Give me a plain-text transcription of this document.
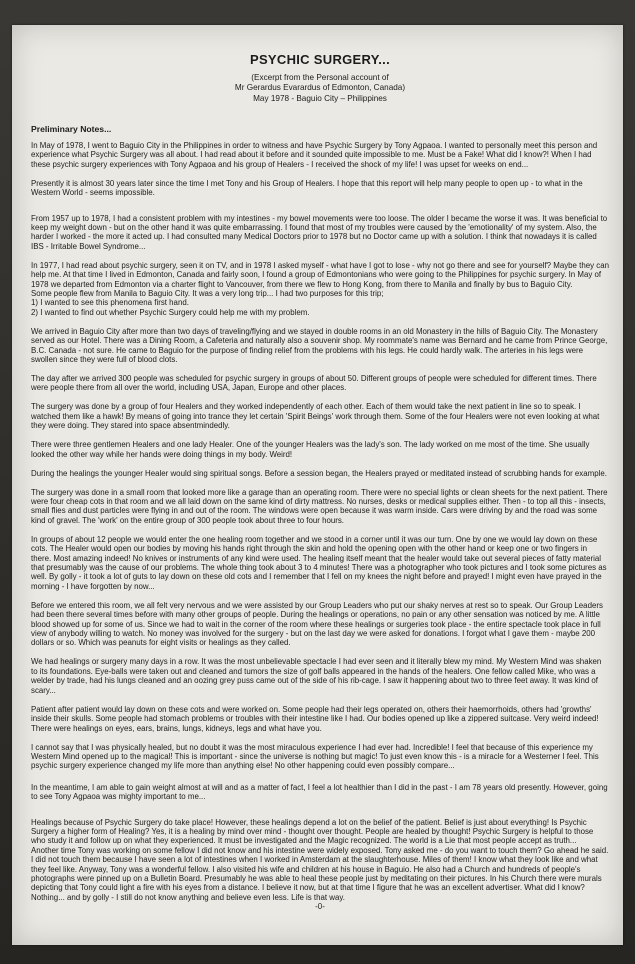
PSYCHIC SURGERY...

(Excerpt from the Personal account of

Mr Gerardus Evarardus of Edmonton, Canada)

May 1978 - Baguio City – Philippines

Preliminary Notes...

In May of 1978, I went to Baguio City in the Philippines in order to witness and have Psychic Surgery by Tony Agpaoa. I wanted to personally meet this person and experience what Psychic Surgery was all about. I had read about it before and it sounded quite impossible to me. Must be a Fake! What did I know?! When I had these psychic surgery experiences with Tony Agpaoa and his group of Healers - I received the shock of my life! I was upset for weeks on end...

Presently it is almost 30 years later since the time I met Tony and his Group of Healers. I hope that this report will help many people to open up - to what in the Western World - seems impossible.

From 1957 up to 1978, I had a consistent problem with my intestines - my bowel movements were too loose. The older I became the worse it was. It was beneficial to keep my weight down - but on the other hand it was quite embarrassing. I found that most of my troubles were caused by the 'emotionality' of my system. Also, the harder I worked - the more it acted up. I had consulted many Medical Doctors prior to 1978 but no Doctor came up with a solution. I think that nowadays it is called IBS - Irritable Bowel Syndrome...

In 1977, I had read about psychic surgery, seen it on TV, and in 1978 I asked myself - what have I got to lose - why not go there and see for yourself? Maybe they can help me. At that time I lived in Edmonton, Canada and fairly soon, I found a group of Edmontonians who were going to the Philippines for psychic surgery. In May of 1978 we departed from Edmonton via a charter flight to Vancouver, from there we flew to Hong Kong, from there to Manila and finally by bus to Baguio City.

Some people flew from Manila to Baguio City. It was a very long trip... I had two purposes for this trip;

1) I wanted to see this phenomena first hand.

2) I wanted to find out whether Psychic Surgery could help me with my problem.

We arrived in Baguio City after more than two days of traveling/flying and we stayed in double rooms in an old Monastery in the hills of Baguio City. The Monastery served as our Hotel. There was a Dining Room, a Cafeteria and naturally also a souvenir shop. My roommate's name was Bernard and he came from Prince George, B.C. Canada - not sure. He came to Baguio for the purpose of finding relief from the problems with his legs. He could hardly walk. The arteries in his legs were swollen since they were full of blood clots.

The day after we arrived 300 people was scheduled for psychic surgery in groups of about 50. Different groups of people were scheduled for different times. There were people there from all over the world, including USA, Japan, Europe and other places.

The surgery was done by a group of four Healers and they worked independently of each other. Each of them would take the next patient in line so to speak. I watched them like a hawk! By means of going into trance they let certain 'Spirit Beings' work through them. Some of the four Healers were not even looking at what they were doing. They stared into space absentmindedly.

There were three gentlemen Healers and one lady Healer. One of the younger Healers was the lady's son. The lady worked on me most of the time. She usually looked the other way while her hands were doing things in my body. Weird!

During the healings the younger Healer would sing spiritual songs. Before a session began, the Healers prayed or meditated instead of scrubbing hands for example.

The surgery was done in a small room that looked more like a garage than an operating room. There were no special lights or clean sheets for the next patient. There were four cheap cots in that room and we all laid down on the same kind of dirty mattress. No nurses, desks or medical supplies either. Then - to top all this - insects, small flies and dust particles were flying in and out of the room. The windows were open because it was warm inside. Cars were driving by and the road was some kind of gravel. The 'work' on the entire group of 300 people took about three to four hours.

In groups of about 12 people we would enter the one healing room together and we stood in a corner until it was our turn. One by one we would lay down on these cots. The Healer would open our bodies by moving his hands right through the skin and hold the opening open with the other hand or keep one or two fingers in there. Most amazing indeed! No knives or instruments of any kind were used. The healing itself meant that the healer would take out several pieces of fatty material that presumably was the cause of our problems. The whole thing took about 3 to 4 minutes! There was a photographer who took pictures and I took some pictures as well. By golly - it took a lot of guts to lay down on these old cots and I remember that I fell on my knees the night before and prayed! I might even have prayed in the morning - I have forgotten by now...

Before we entered this room, we all felt very nervous and we were assisted by our Group Leaders who put our shaky nerves at rest so to speak. Our Group Leaders had been there several times before with many other groups of people. During the healings or operations, no pain or any other sensation was noticed by me. A little blood showed up for some of us. Since we had to wait in the corner of the room where these healings or surgeries took place - the entire spectacle took place in full view of anybody willing to watch. No money was involved for the surgery - but on the last day we were asked for donations. I forgot what I gave them - maybe 200 dollars or so. Which was peanuts for eight visits or healings as they called.

We had healings or surgery many days in a row. It was the most unbelievable spectacle I had ever seen and it literally blew my mind. My Western Mind was shaken to its foundations. Eye-balls were taken out and cleaned and tumors the size of golf balls appeared in the hands of the healers. One fellow called Mike, who was a welder by trade, had his lungs cleaned and an oozing grey puss came out of the side of his rib-cage. I saw it happening about two to three feet away. It was kind of scary...

Patient after patient would lay down on these cots and were worked on. Some people had their legs operated on, others their haemorrhoids, others had 'growths' inside their skulls. Some people had stomach problems or troubles with their intestine like I had. Our bodies opened up like a zippered suitcase. Very weird indeed! There were healings on eyes, ears, brains, lungs, kidneys, legs and what have you.

I cannot say that I was physically healed, but no doubt it was the most miraculous experience I had ever had. Incredible! I feel that because of this experience my Western Mind opened up to the magical! This is important - since the universe is nothing but magic! To just even know this - is a miracle for a Westerner I feel. This psychic surgery experience changed my life more than anything else! No other happening could even possibly compare...

In the meantime, I am able to gain weight almost at will and as a matter of fact, I feel a lot healthier than I did in the past - I am 78 years old presently. However, going to see Tony Agpaoa was mighty important to me...

Healings because of Psychic Surgery do take place! However, these healings depend a lot on the belief of the patient. Belief is just about everything! Is Psychic Surgery a higher form of Healing? Yes, it is a healing by mind over mind - thought over thought. People are healed by thought! Psychic Surgery is helpful to those who study it and follow up on what they experienced. It must be investigated and the Magic recognized. The world is a Lie that most people accept as truth...

Another time Tony was working on some fellow I did not know and his intestine were widely exposed. Tony asked me - do you want to touch them? Go ahead he said. I did not touch them because I have seen a lot of intestines when I worked in Amsterdam at the slaughterhouse. Miles of them! I know what they look like and what they feel like. Anyway, Tony was a wonderful fellow. I also visited his wife and children at his house in Baguio. He also had a Church and hundreds of people's photographs were pinned up on a Bulletin Board. Presumably he was able to heal these people just by meditating on their pictures. In his Church there were murals depicting that Tony could light a fire with his eyes from a distance. I believe it now, but at that time I figure that he was an excellent advertiser. What did I know? Nothing... and by golly - I still do not know anything and believe even less. Life is that way.

-0-
